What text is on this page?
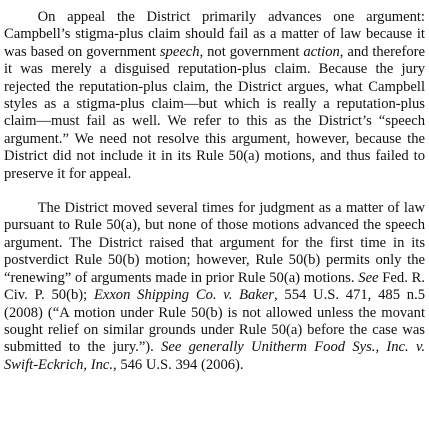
On appeal the District primarily advances one argument: Campbell’s stigma-plus claim should fail as a matter of law because it was based on government speech, not government action, and therefore it was merely a disguised reputation-plus claim. Because the jury rejected the reputation-plus claim, the District argues, what Campbell styles as a stigma-plus claim—but which is really a reputation-plus claim—must fail as well. We refer to this as the District’s “speech argument.” We need not resolve this argument, however, because the District did not include it in its Rule 50(a) motions, and thus failed to preserve it for appeal.

The District moved several times for judgment as a matter of law pursuant to Rule 50(a), but none of those motions advanced the speech argument. The District raised that argument for the first time in its postverdict Rule 50(b) motion; however, Rule 50(b) permits only the “renewing” of arguments made in prior Rule 50(a) motions. See Fed. R. Civ. P. 50(b); Exxon Shipping Co. v. Baker, 554 U.S. 471, 485 n.5 (2008) (“A motion under Rule 50(b) is not allowed unless the movant sought relief on similar grounds under Rule 50(a) before the case was submitted to the jury.”). See generally Unitherm Food Sys., Inc. v. Swift-Eckrich, Inc., 546 U.S. 394 (2006).
